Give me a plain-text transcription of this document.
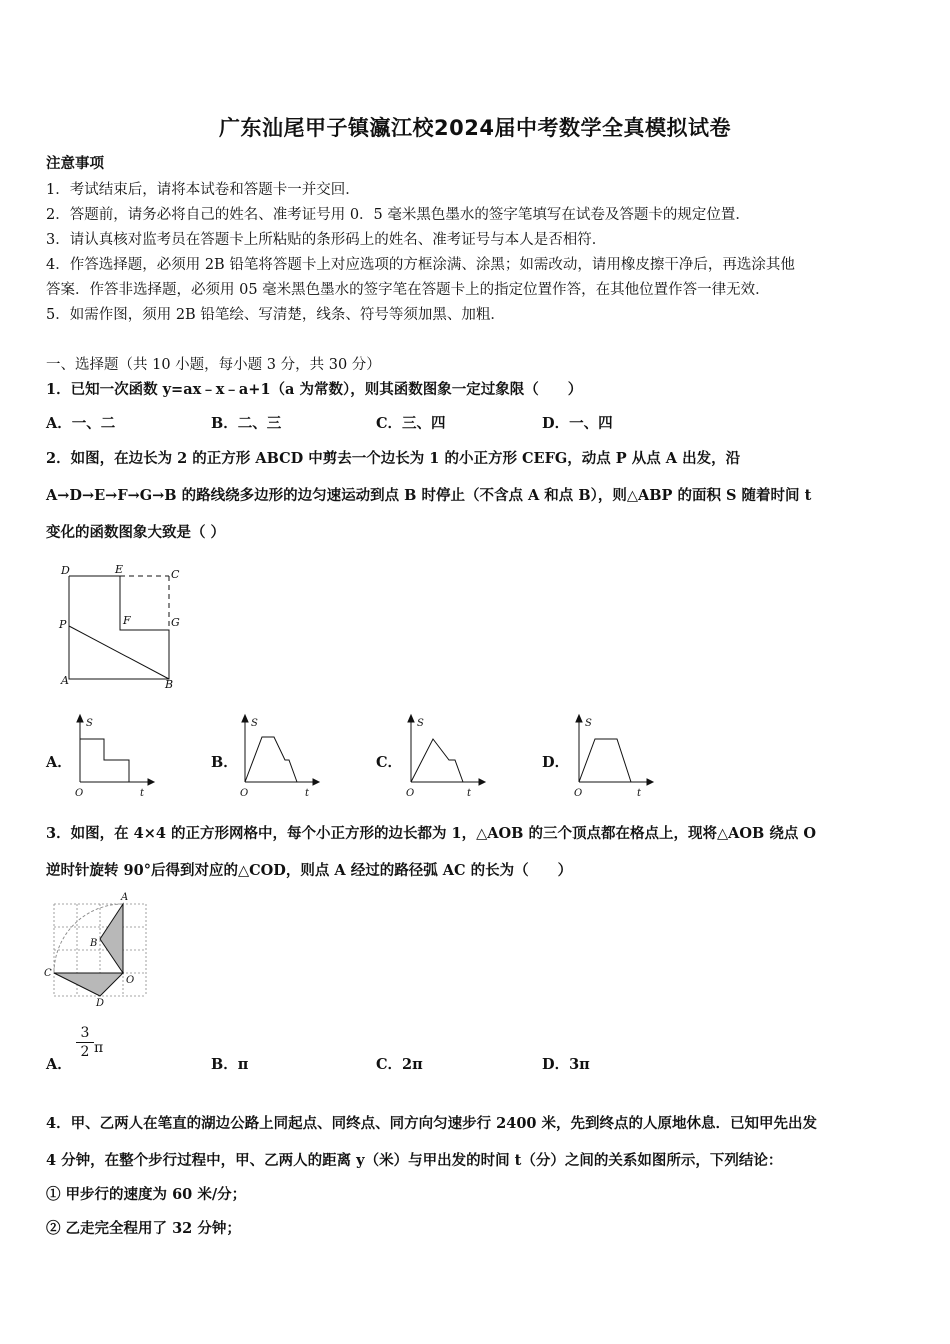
广东汕尾甲子镇瀛江校2024届中考数学全真模拟试卷
注意事项
1．考试结束后，请将本试卷和答题卡一并交回．
2．答题前，请务必将自己的姓名、准考证号用 0．5 毫米黑色墨水的签字笔填写在试卷及答题卡的规定位置．
3．请认真核对监考员在答题卡上所粘贴的条形码上的姓名、准考证号与本人是否相符．
4．作答选择题，必须用 2B 铅笔将答题卡上对应选项的方框涂满、涂黑；如需改动，请用橡皮擦干净后，再选涂其他
答案．作答非选择题，必须用 05 毫米黑色墨水的签字笔在答题卡上的指定位置作答，在其他位置作答一律无效．
5．如需作图，须用 2B 铅笔绘、写清楚，线条、符号等须加黑、加粗．
一、选择题（共 10 小题，每小题 3 分，共 30 分）
1．已知一次函数 y=ax﹣x﹣a+1（a 为常数），则其函数图象一定过象限（　　）
A．一、二	B．二、三	C．三、四	D．一、四
2．如图，在边长为 2 的正方形 ABCD 中剪去一个边长为 1 的小正方形 CEFG，动点 P 从点 A 出发，沿
A→D→E→F→G→B 的路线绕多边形的边匀速运动到点 B 时停止（不含点 A 和点 B），则△ABP 的面积 S 随着时间 t
变化的函数图象大致是（ ）
D	E	C
P	F	G
A	B
A．	B．	C．	D．
S
t
O
S
t
O
S
t
O
S
t
O
3．如图，在 4×4 的正方形网格中，每个小正方形的边长都为 1，△AOB 的三个顶点都在格点上，现将△AOB 绕点 O
逆时针旋转 90°后得到对应的△COD，则点 A 经过的路径弧 AC 的长为（　　）
A
B
C
O
D
A．
$\frac{3}{2}$ π
B．π	C．2π	D．3π
4．甲、乙两人在笔直的湖边公路上同起点、同终点、同方向匀速步行 2400 米，先到终点的人原地休息．已知甲先出发
4 分钟，在整个步行过程中，甲、乙两人的距离 y（米）与甲出发的时间 t（分）之间的关系如图所示，下列结论：
① 甲步行的速度为 60 米/分；
② 乙走完全程用了 32 分钟；
